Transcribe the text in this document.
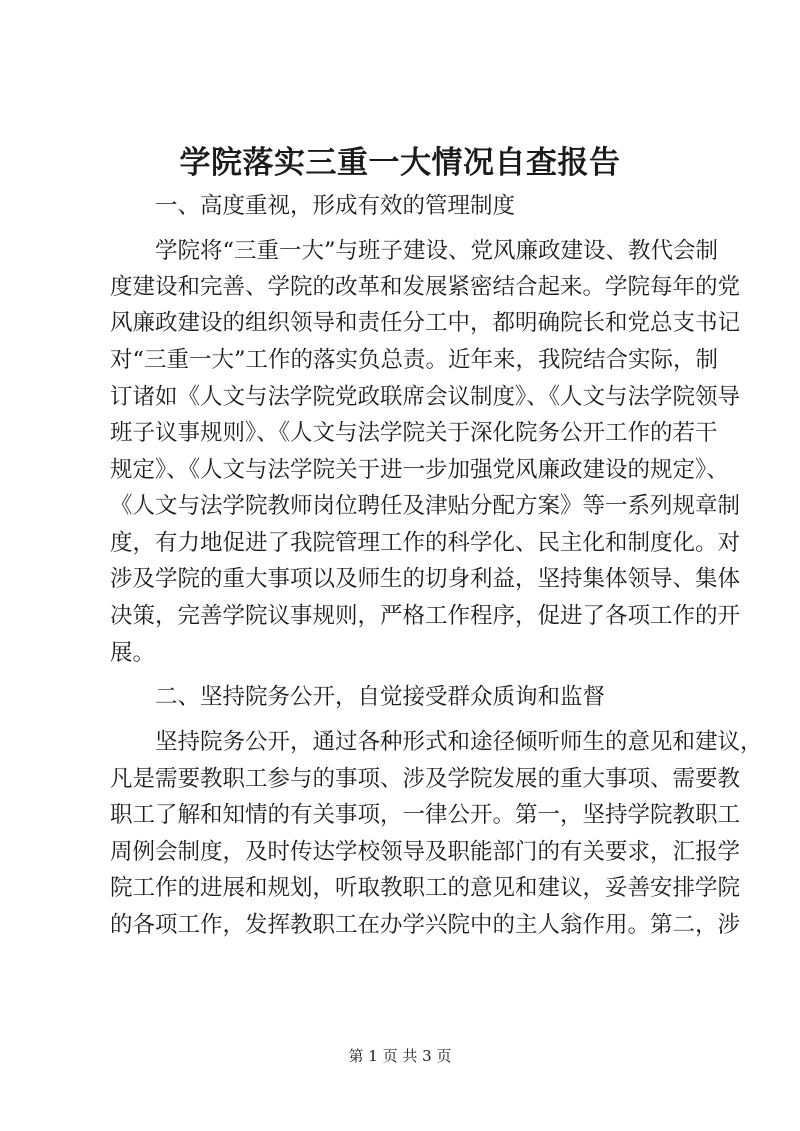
学院落实三重一大情况自查报告

一、高度重视，形成有效的管理制度

学院将“三重一大”与班子建设、党风廉政建设、教代会制

度建设和完善、学院的改革和发展紧密结合起来。学院每年的党

风廉政建设的组织领导和责任分工中，都明确院长和党总支书记

对“三重一大”工作的落实负总责。近年来，我院结合实际，制

订诸如《人文与法学院党政联席会议制度》、《人文与法学院领导

班子议事规则》、《人文与法学院关于深化院务公开工作的若干

规定》、《人文与法学院关于进一步加强党风廉政建设的规定》、

《人文与法学院教师岗位聘任及津贴分配方案》等一系列规章制

度，有力地促进了我院管理工作的科学化、民主化和制度化。对

涉及学院的重大事项以及师生的切身利益，坚持集体领导、集体

决策，完善学院议事规则，严格工作程序，促进了各项工作的开

展。

二、坚持院务公开，自觉接受群众质询和监督

坚持院务公开，通过各种形式和途径倾听师生的意见和建议，

凡是需要教职工参与的事项、涉及学院发展的重大事项、需要教

职工了解和知情的有关事项，一律公开。第一，坚持学院教职工

周例会制度，及时传达学校领导及职能部门的有关要求，汇报学

院工作的进展和规划，听取教职工的意见和建议，妥善安排学院

的各项工作，发挥教职工在办学兴院中的主人翁作用。第二，涉

第 1 页 共 3 页
